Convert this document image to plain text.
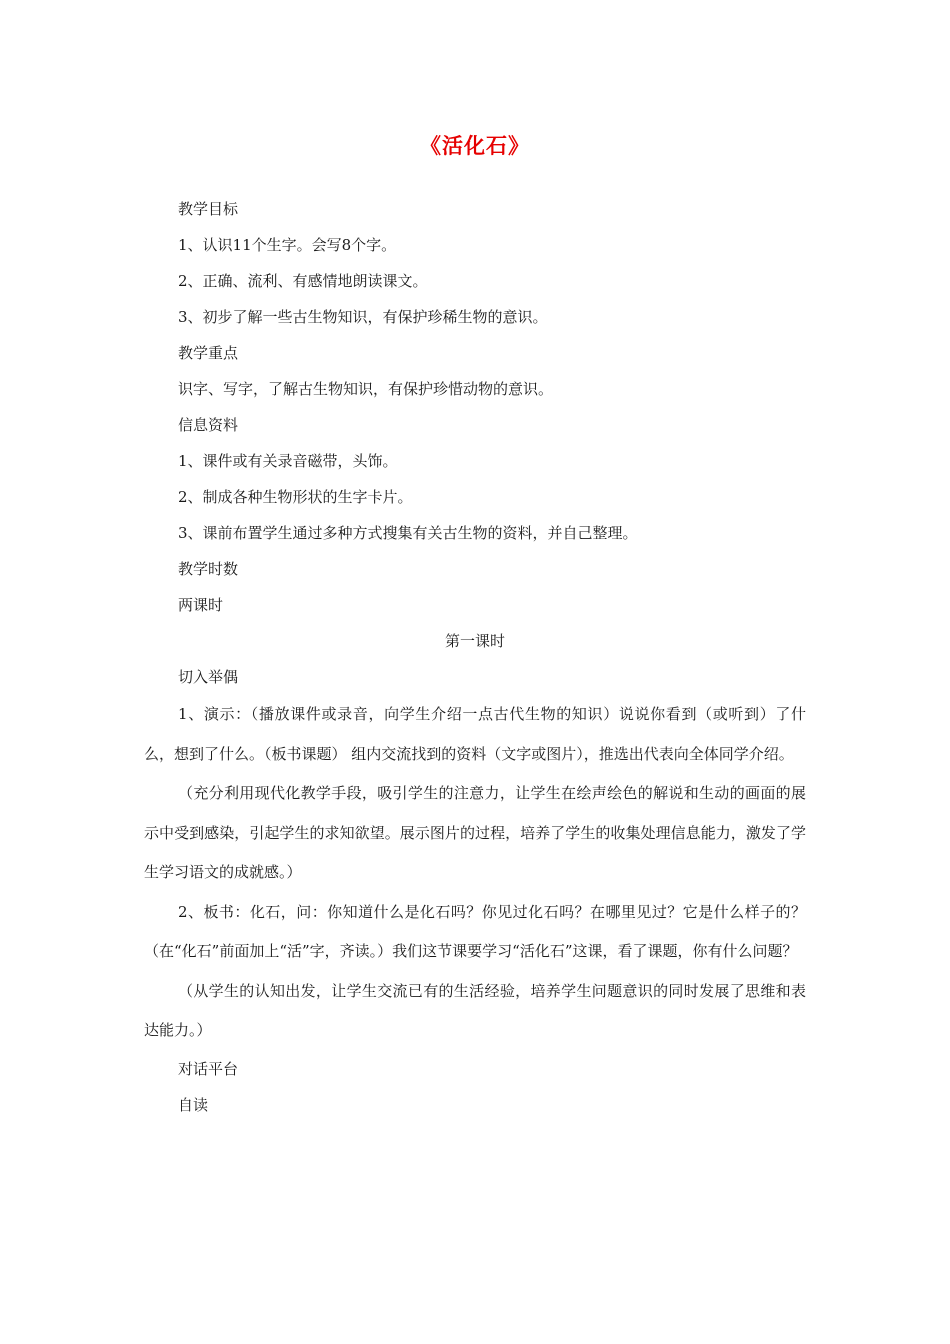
《活化石》

教学目标

1、认识11个生字。会写8个字。

2、正确、流利、有感情地朗读课文。

3、初步了解一些古生物知识，有保护珍稀生物的意识。

教学重点

识字、写字，了解古生物知识，有保护珍惜动物的意识。

信息资料

1、课件或有关录音磁带，头饰。

2、制成各种生物形状的生字卡片。

3、课前布置学生通过多种方式搜集有关古生物的资料，并自己整理。

教学时数

两课时

第一课时

切入举偶

1、演示：（播放课件或录音，向学生介绍一点古代生物的知识）说说你看到（或听到）了什么，想到了什么。（板书课题） 组内交流找到的资料（文字或图片），推选出代表向全体同学介绍。

（充分利用现代化教学手段，吸引学生的注意力，让学生在绘声绘色的解说和生动的画面的展示中受到感染，引起学生的求知欲望。展示图片的过程，培养了学生的收集处理信息能力，激发了学生学习语文的成就感。）

2、板书：化石，问：你知道什么是化石吗？你见过化石吗？在哪里见过？它是什么样子的？（在“化石”前面加上“活”字，齐读。）我们这节课要学习“活化石”这课，看了课题，你有什么问题？

（从学生的认知出发，让学生交流已有的生活经验，培养学生问题意识的同时发展了思维和表达能力。）

对话平台

自读
